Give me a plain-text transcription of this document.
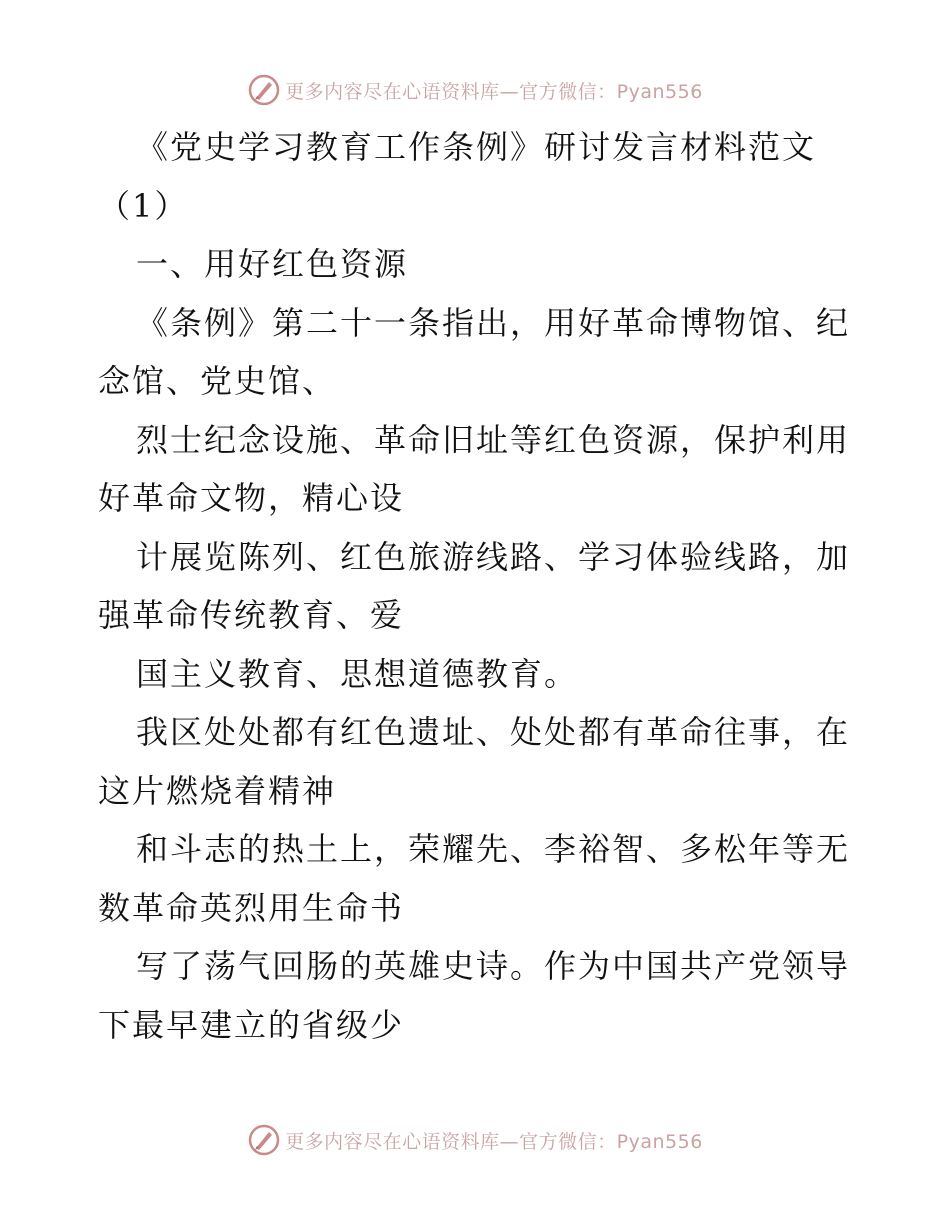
更多内容尽在心语资料库—官方微信：Pyan556
《党史学习教育工作条例》研讨发言材料范文
（1）
一、用好红色资源
《条例》第二十一条指出，用好革命博物馆、纪
念馆、党史馆、
烈士纪念设施、革命旧址等红色资源，保护利用
好革命文物，精心设
计展览陈列、红色旅游线路、学习体验线路，加
强革命传统教育、爱
国主义教育、思想道德教育。
我区处处都有红色遗址、处处都有革命往事，在
这片燃烧着精神
和斗志的热土上，荣耀先、李裕智、多松年等无
数革命英烈用生命书
写了荡气回肠的英雄史诗。作为中国共产党领导
下最早建立的省级少
更多内容尽在心语资料库—官方微信：Pyan556
